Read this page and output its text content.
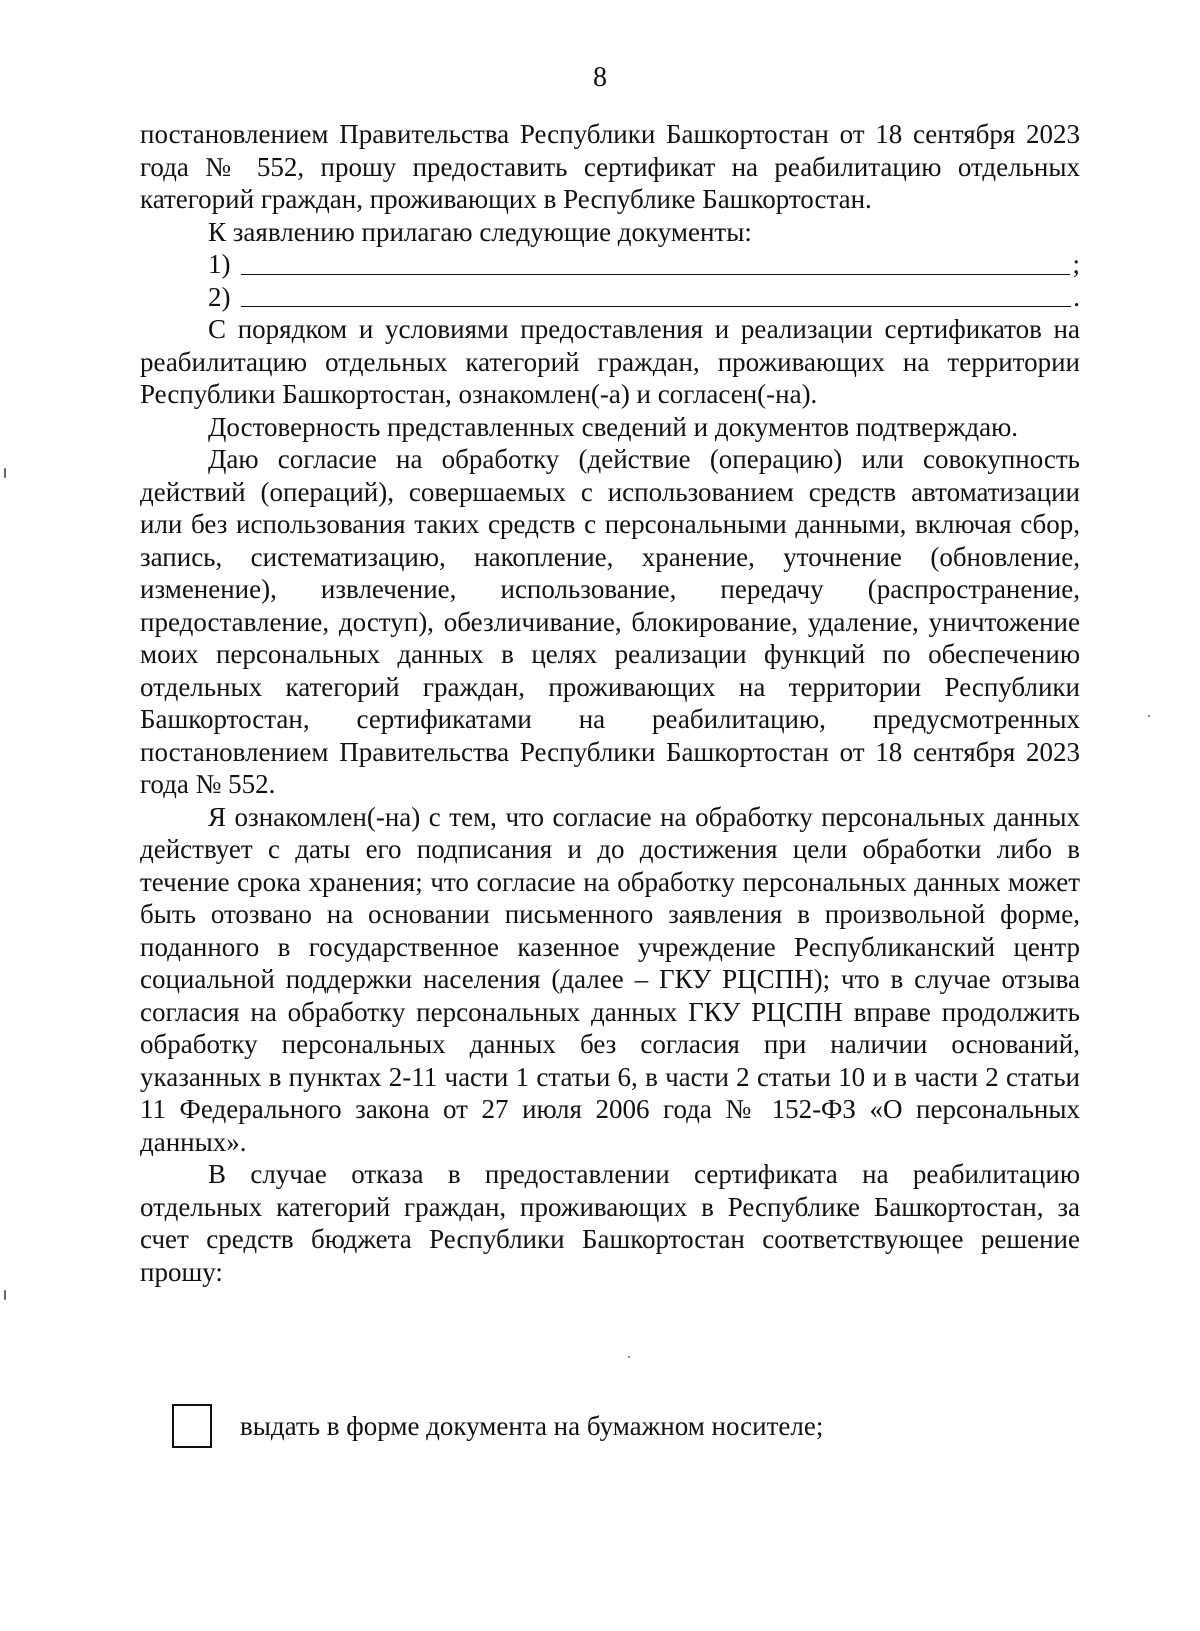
8

постановлением Правительства Республики Башкортостан от 18 сентября 2023 года № 552, прошу предоставить сертификат на реабилитацию отдельных категорий граждан, проживающих в Республике Башкортостан.

К заявлению прилагаю следующие документы:

1)	;
2)	.

С порядком и условиями предоставления и реализации сертификатов на реабилитацию отдельных категорий граждан, проживающих на территории Республики Башкортостан, ознакомлен(-а) и согласен(-на).

Достоверность представленных сведений и документов подтверждаю.

Даю согласие на обработку (действие (операцию) или совокупность действий (операций), совершаемых с использованием средств автоматизации или без использования таких средств с персональными данными, включая сбор, запись, систематизацию, накопление, хранение, уточнение (обновление, изменение), извлечение, использование, передачу (распространение, предоставление, доступ), обезличивание, блокирование, удаление, уничтожение моих персональных данных в целях реализации функций по обеспечению отдельных категорий граждан, проживающих на территории Республики Башкортостан, сертификатами на реабилитацию, предусмотренных постановлением Правительства Республики Башкортостан от 18 сентября 2023 года № 552.

Я ознакомлен(-на) с тем, что согласие на обработку персональных данных действует с даты его подписания и до достижения цели обработки либо в течение срока хранения; что согласие на обработку персональных данных может быть отозвано на основании письменного заявления в произвольной форме, поданного в государственное казенное учреждение Республиканский центр социальной поддержки населения (далее – ГКУ РЦСПН); что в случае отзыва согласия на обработку персональных данных ГКУ РЦСПН вправе продолжить обработку персональных данных без согласия при наличии оснований, указанных в пунктах 2-11 части 1 статьи 6, в части 2 статьи 10 и в части 2 статьи 11 Федерального закона от 27 июля 2006 года № 152-ФЗ «О персональных данных».

В случае отказа в предоставлении сертификата на реабилитацию отдельных категорий граждан, проживающих в Республике Башкортостан, за счет средств бюджета Республики Башкортостан соответствующее решение прошу:

выдать в форме документа на бумажном носителе;
